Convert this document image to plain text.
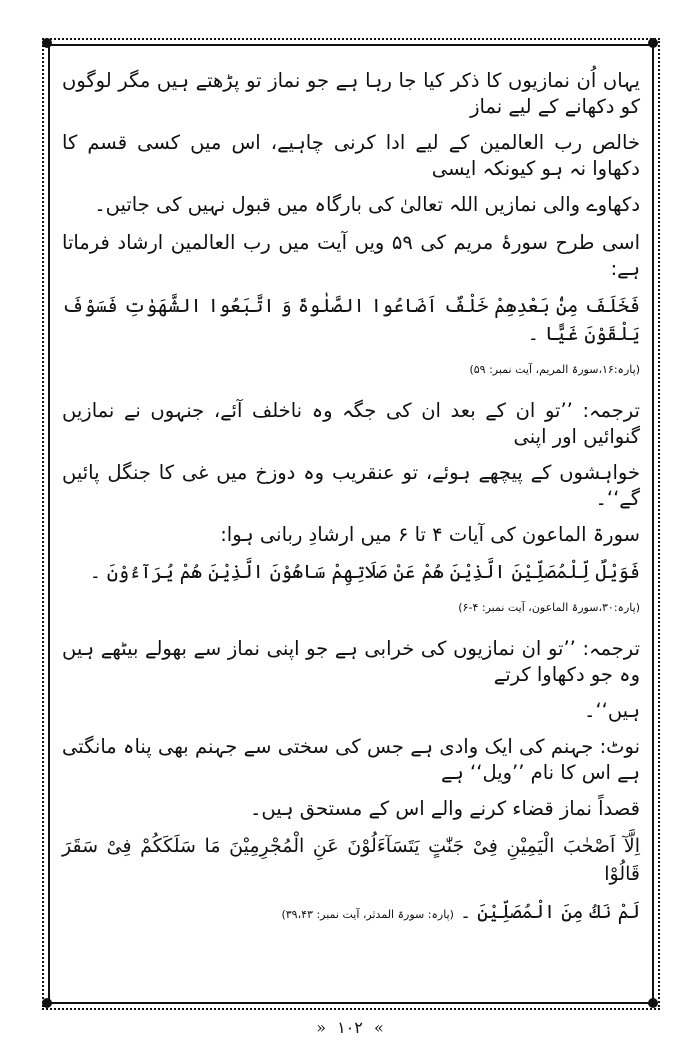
یہاں اُن نمازیوں کا ذکر کیا جا رہا ہے جو نماز تو پڑھتے ہیں مگر لوگوں کو دکھانے کے لیے نماز
خالص رب العالمین کے لیے ادا کرنی چاہیے، اس میں کسی قسم کا دکھاوا نہ ہو کیونکہ ایسی
دکھاوے والی نمازیں اللہ تعالیٰ کی بارگاہ میں قبول نہیں کی جاتیں۔
اسی طرح سورۂ مریم کی ۵۹ ویں آیت میں رب العالمین ارشاد فرماتا ہے:
فَخَلَفَ مِنْۢ بَعْدِهِمْ خَلْفٌ اَضَاعُوا الصَّلٰوةَ وَ اتَّبَعُوا الشَّهَوٰتِ فَسَوْفَ یَلْقَوْنَ غَیًّا ۔
(پارہ:۱۶،سورۃ المریم، آیت نمبر: ۵۹)
ترجمہ: ’’تو ان کے بعد ان کی جگہ وہ ناخلف آئے، جنہوں نے نمازیں گنوائیں اور اپنی
خواہشوں کے پیچھے ہوئے، تو عنقریب وہ دوزخ میں غی کا جنگل پائیں گے‘‘۔
سورۃ الماعون کی آیات ۴ تا ۶ میں ارشادِ ربانی ہوا:
فَوَیْلٌ لِّلْمُصَلِّیْنَ الَّذِیْنَ هُمْ عَنْ صَلَاتِهِمْ سَاهُوْنَ الَّذِیْنَ هُمْ یُرَآءُوْنَ ۔
(پارہ:۳۰،سورۃ الماعون، آیت نمبر: ۴-۶)
ترجمہ: ’’تو ان نمازیوں کی خرابی ہے جو اپنی نماز سے بھولے بیٹھے ہیں وہ جو دکھاوا کرتے
ہیں‘‘۔
نوٹ: جہنم کی ایک وادی ہے جس کی سختی سے جہنم بھی پناہ مانگتی ہے اس کا نام ’’ویل‘‘ ہے
قصداً نماز قضاء کرنے والے اس کے مستحق ہیں۔
اِلَّآ اَصْحٰبَ الْیَمِیْنِ فِیْ جَنّٰتٍ یَتَسَآءَلُوْنَ عَنِ الْمُجْرِمِیْنَ مَا سَلَكَكُمْ فِیْ سَقَرَ قَالُوْا
لَمْ نَكُ مِنَ الْمُصَلِّیْنَ ۔ (پارہ: سورۃ المدثر، آیت نمبر: ۳۹،۴۳)
» ۱۰۲ «
